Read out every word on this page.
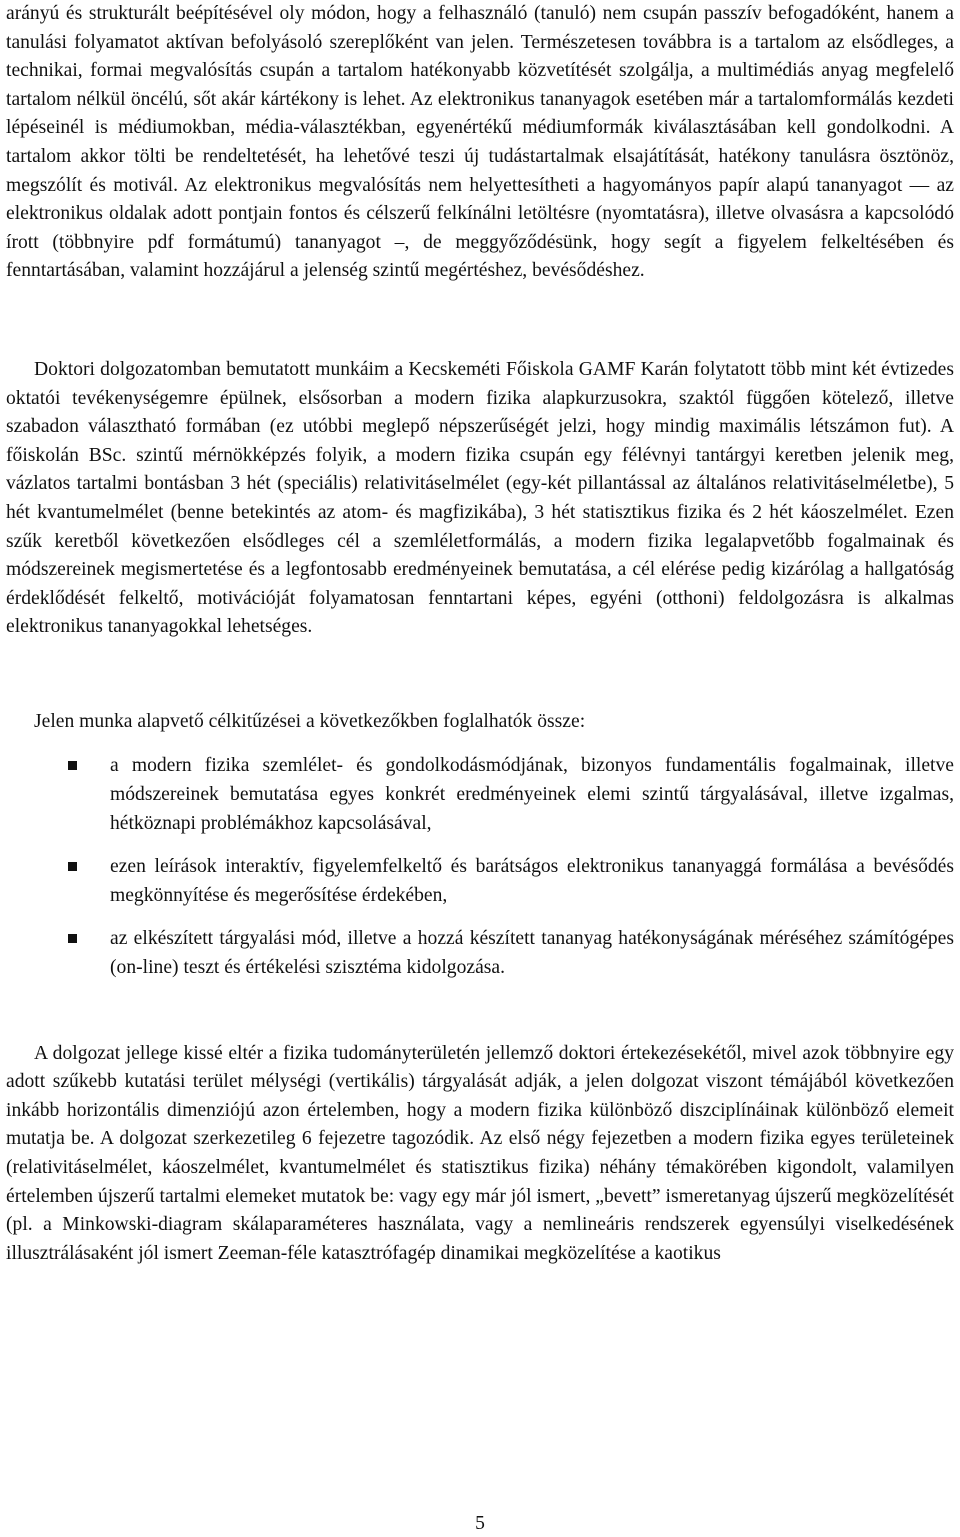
arányú és strukturált beépítésével oly módon, hogy a felhasználó (tanuló) nem csupán passzív befogadóként, hanem a tanulási folyamatot aktívan befolyásoló szereplőként van jelen. Természetesen továbbra is a tartalom az elsődleges, a technikai, formai megvalósítás csupán a tartalom hatékonyabb közvetítését szolgálja, a multimédiás anyag megfelelő tartalom nélkül öncélú, sőt akár kártékony is lehet. Az elektronikus tananyagok esetében már a tartalomformálás kezdeti lépéseinél is médiumokban, média-választékban, egyenértékű médiumformák kiválasztásában kell gondolkodni. A tartalom akkor tölti be rendeltetését, ha lehetővé teszi új tudástartalmak elsajátítását, hatékony tanulásra ösztönöz, megszólít és motivál. Az elektronikus megvalósítás nem helyettesítheti a hagyományos papír alapú tananyagot — az elektronikus oldalak adott pontjain fontos és célszerű felkínálni letöltésre (nyomtatásra), illetve olvasásra a kapcsolódó írott (többnyire pdf formátumú) tananyagot –, de meggyőződésünk, hogy segít a figyelem felkeltésében és fenntartásában, valamint hozzájárul a jelenség szintű megértéshez, bevésődéshez.

Doktori dolgozatomban bemutatott munkáim a Kecskeméti Főiskola GAMF Karán folytatott több mint két évtizedes oktatói tevékenységemre épülnek, elsősorban a modern fizika alapkurzusokra, szaktól függően kötelező, illetve szabadon választható formában (ez utóbbi meglepő népszerűségét jelzi, hogy mindig maximális létszámon fut). A főiskolán BSc. szintű mérnökképzés folyik, a modern fizika csupán egy félévnyi tantárgyi keretben jelenik meg, vázlatos tartalmi bontásban 3 hét (speciális) relativitáselmélet (egy-két pillantással az általános relativitáselméletbe), 5 hét kvantumelmélet (benne betekintés az atom- és magfizikába), 3 hét statisztikus fizika és 2 hét káoszelmélet. Ezen szűk keretből következően elsődleges cél a szemléletformálás, a modern fizika legalapvetőbb fogalmainak és módszereinek megismertetése és a legfontosabb eredményeinek bemutatása, a cél elérése pedig kizárólag a hallgatóság érdeklődését felkeltő, motivációját folyamatosan fenntartani képes, egyéni (otthoni) feldolgozásra is alkalmas elektronikus tananyagokkal lehetséges.

Jelen munka alapvető célkitűzései a következőkben foglalhatók össze:

a modern fizika szemlélet- és gondolkodásmódjának, bizonyos fundamentális fogalmainak, illetve módszereinek bemutatása egyes konkrét eredményeinek elemi szintű tárgyalásával, illetve izgalmas, hétköznapi problémákhoz kapcsolásával,
ezen leírások interaktív, figyelemfelkeltő és barátságos elektronikus tananyaggá formálása a bevésődés megkönnyítése és megerősítése érdekében,
az elkészített tárgyalási mód, illetve a hozzá készített tananyag hatékonyságának méréséhez számítógépes (on-line) teszt és értékelési szisztéma kidolgozása.

A dolgozat jellege kissé eltér a fizika tudományterületén jellemző doktori értekezésekétől, mivel azok többnyire egy adott szűkebb kutatási terület mélységi (vertikális) tárgyalását adják, a jelen dolgozat viszont témájából következően inkább horizontális dimenziójú azon értelemben, hogy a modern fizika különböző diszciplínáinak különböző elemeit mutatja be. A dolgozat szerkezetileg 6 fejezetre tagozódik. Az első négy fejezetben a modern fizika egyes területeinek (relativitáselmélet, káoszelmélet, kvantumelmélet és statisztikus fizika) néhány témakörében kigondolt, valamilyen értelemben újszerű tartalmi elemeket mutatok be: vagy egy már jól ismert, „bevett” ismeretanyag újszerű megközelítését (pl. a Minkowski-diagram skálaparaméteres használata, vagy a nemlineáris rendszerek egyensúlyi viselkedésének illusztrálásaként jól ismert Zeeman-féle katasztrófagép dinamikai megközelítése a kaotikus

5
